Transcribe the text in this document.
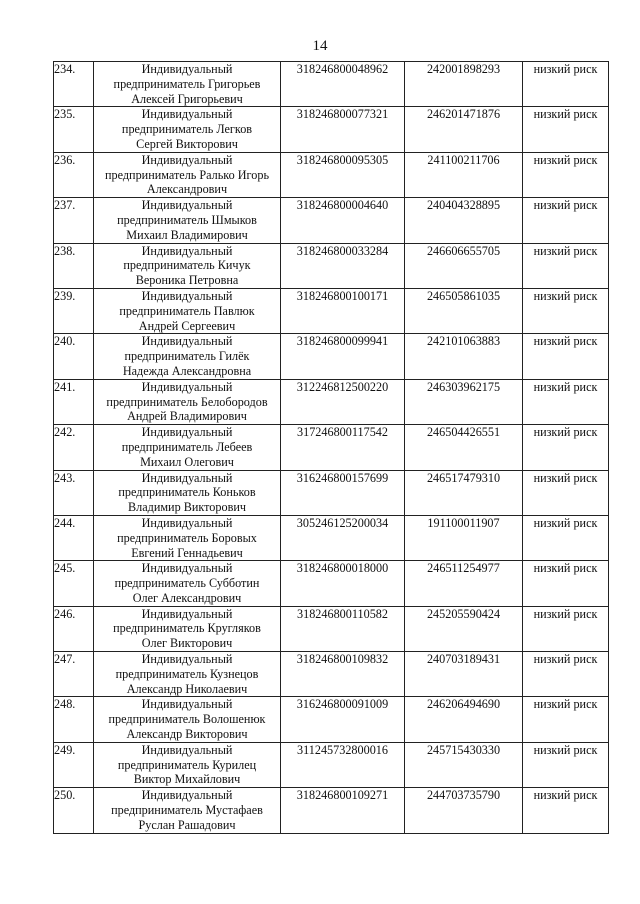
14
234.	Индивидуальный
предприниматель Григорьев
Алексей Григорьевич	318246800048962	242001898293	низкий риск
235.	Индивидуальный
предприниматель Легков
Сергей Викторович	318246800077321	246201471876	низкий риск
236.	Индивидуальный
предприниматель Ралько Игорь
Александрович	318246800095305	241100211706	низкий риск
237.	Индивидуальный
предприниматель Шмыков
Михаил Владимирович	318246800004640	240404328895	низкий риск
238.	Индивидуальный
предприниматель Кичук
Вероника Петровна	318246800033284	246606655705	низкий риск
239.	Индивидуальный
предприниматель Павлюк
Андрей Сергеевич	318246800100171	246505861035	низкий риск
240.	Индивидуальный
предприниматель Гилёк
Надежда Александровна	318246800099941	242101063883	низкий риск
241.	Индивидуальный
предприниматель Белобородов
Андрей Владимирович	312246812500220	246303962175	низкий риск
242.	Индивидуальный
предприниматель Лебеев
Михаил Олегович	317246800117542	246504426551	низкий риск
243.	Индивидуальный
предприниматель Коньков
Владимир Викторович	316246800157699	246517479310	низкий риск
244.	Индивидуальный
предприниматель Боровых
Евгений Геннадьевич	305246125200034	191100011907	низкий риск
245.	Индивидуальный
предприниматель Субботин
Олег Александрович	318246800018000	246511254977	низкий риск
246.	Индивидуальный
предприниматель Кругляков
Олег Викторович	318246800110582	245205590424	низкий риск
247.	Индивидуальный
предприниматель Кузнецов
Александр Николаевич	318246800109832	240703189431	низкий риск
248.	Индивидуальный
предприниматель Волошенюк
Александр Викторович	316246800091009	246206494690	низкий риск
249.	Индивидуальный
предприниматель Курилец
Виктор Михайлович	311245732800016	245715430330	низкий риск
250.	Индивидуальный
предприниматель Мустафаев
Руслан Рашадович	318246800109271	244703735790	низкий риск
